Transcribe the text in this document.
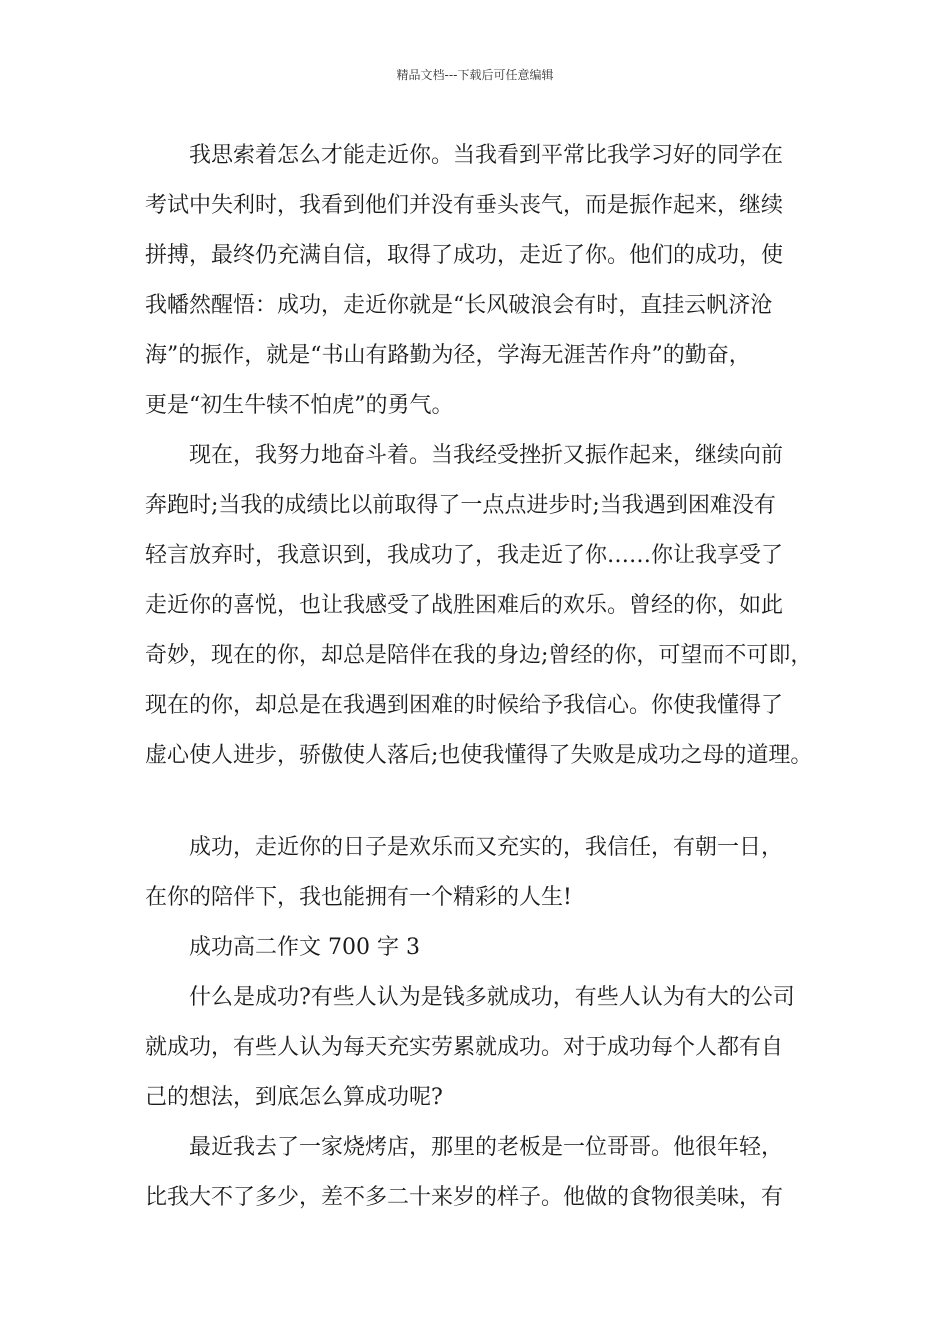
精品文档---下载后可任意编辑
　　我思索着怎么才能走近你。当我看到平常比我学习好的同学在
考试中失利时，我看到他们并没有垂头丧气，而是振作起来，继续
拼搏，最终仍充满自信，取得了成功，走近了你。他们的成功，使
我幡然醒悟：成功，走近你就是“长风破浪会有时，直挂云帆济沧
海”的振作，就是“书山有路勤为径，学海无涯苦作舟”的勤奋，
更是“初生牛犊不怕虎”的勇气。
　　现在，我努力地奋斗着。当我经受挫折又振作起来，继续向前
奔跑时;当我的成绩比以前取得了一点点进步时;当我遇到困难没有
轻言放弃时，我意识到，我成功了，我走近了你……你让我享受了
走近你的喜悦，也让我感受了战胜困难后的欢乐。曾经的你，如此
奇妙，现在的你，却总是陪伴在我的身边;曾经的你，可望而不可即，
现在的你，却总是在我遇到困难的时候给予我信心。你使我懂得了
虚心使人进步，骄傲使人落后;也使我懂得了失败是成功之母的道理。
　　成功，走近你的日子是欢乐而又充实的，我信任，有朝一日，
在你的陪伴下，我也能拥有一个精彩的人生!
　　成功高二作文 700 字 3
　　什么是成功?有些人认为是钱多就成功，有些人认为有大的公司
就成功，有些人认为每天充实劳累就成功。对于成功每个人都有自
己的想法，到底怎么算成功呢?
　　最近我去了一家烧烤店，那里的老板是一位哥哥。他很年轻，
比我大不了多少，差不多二十来岁的样子。他做的食物很美味，有
